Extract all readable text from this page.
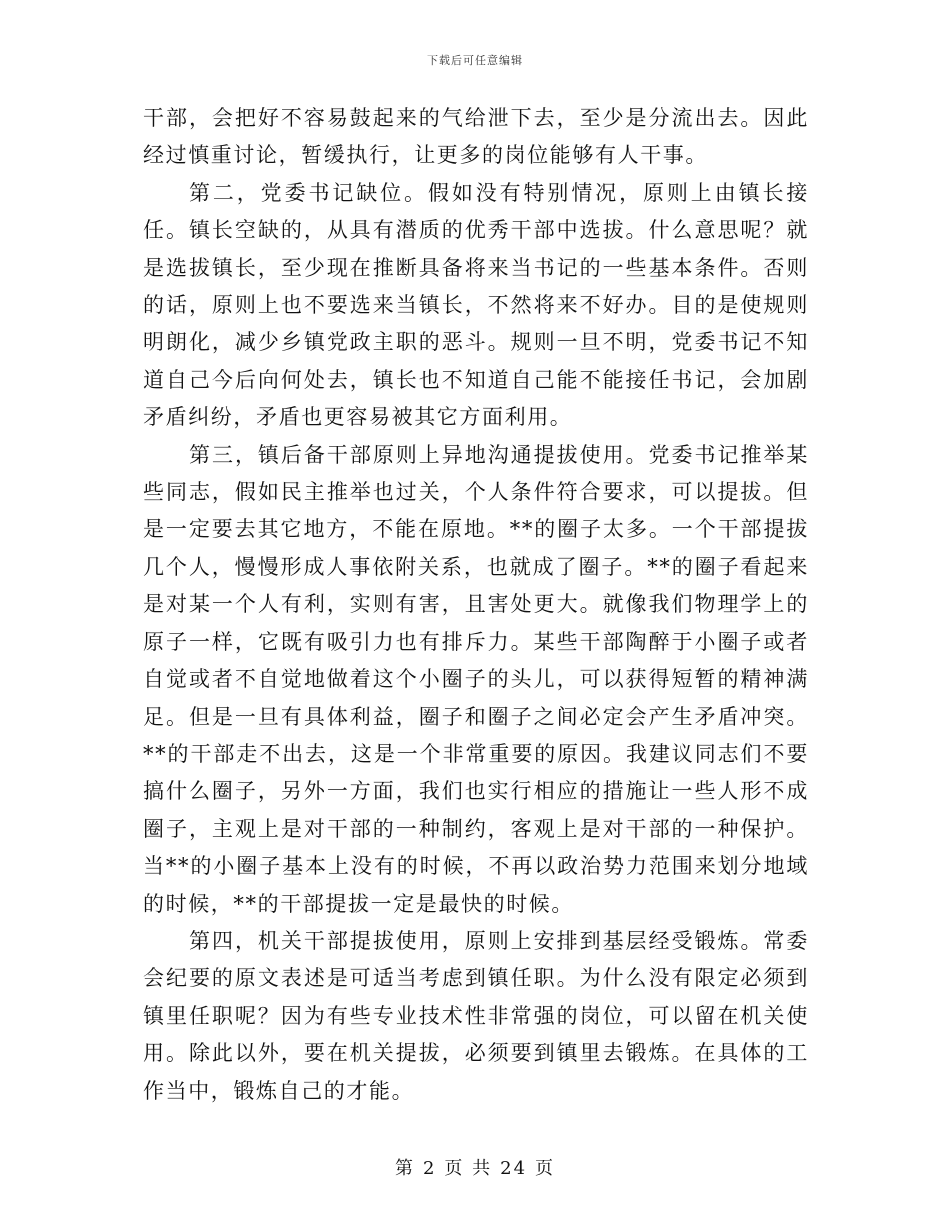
下载后可任意编辑

干部，会把好不容易鼓起来的气给泄下去，至少是分流出去。因此经过慎重讨论，暂缓执行，让更多的岗位能够有人干事。

第二，党委书记缺位。假如没有特别情况，原则上由镇长接任。镇长空缺的，从具有潜质的优秀干部中选拔。什么意思呢？就是选拔镇长，至少现在推断具备将来当书记的一些基本条件。否则的话，原则上也不要选来当镇长，不然将来不好办。目的是使规则明朗化，减少乡镇党政主职的恶斗。规则一旦不明，党委书记不知道自己今后向何处去，镇长也不知道自己能不能接任书记，会加剧矛盾纠纷，矛盾也更容易被其它方面利用。

第三，镇后备干部原则上异地沟通提拔使用。党委书记推举某些同志，假如民主推举也过关，个人条件符合要求，可以提拔。但是一定要去其它地方，不能在原地。**的圈子太多。一个干部提拔几个人，慢慢形成人事依附关系，也就成了圈子。**的圈子看起来是对某一个人有利，实则有害，且害处更大。就像我们物理学上的原子一样，它既有吸引力也有排斥力。某些干部陶醉于小圈子或者自觉或者不自觉地做着这个小圈子的头儿，可以获得短暂的精神满足。但是一旦有具体利益，圈子和圈子之间必定会产生矛盾冲突。**的干部走不出去，这是一个非常重要的原因。我建议同志们不要搞什么圈子，另外一方面，我们也实行相应的措施让一些人形不成圈子，主观上是对干部的一种制约，客观上是对干部的一种保护。当**的小圈子基本上没有的时候，不再以政治势力范围来划分地域的时候，**的干部提拔一定是最快的时候。

第四，机关干部提拔使用，原则上安排到基层经受锻炼。常委会纪要的原文表述是可适当考虑到镇任职。为什么没有限定必须到镇里任职呢？因为有些专业技术性非常强的岗位，可以留在机关使用。除此以外，要在机关提拔，必须要到镇里去锻炼。在具体的工作当中，锻炼自己的才能。

第 2 页 共 24 页
